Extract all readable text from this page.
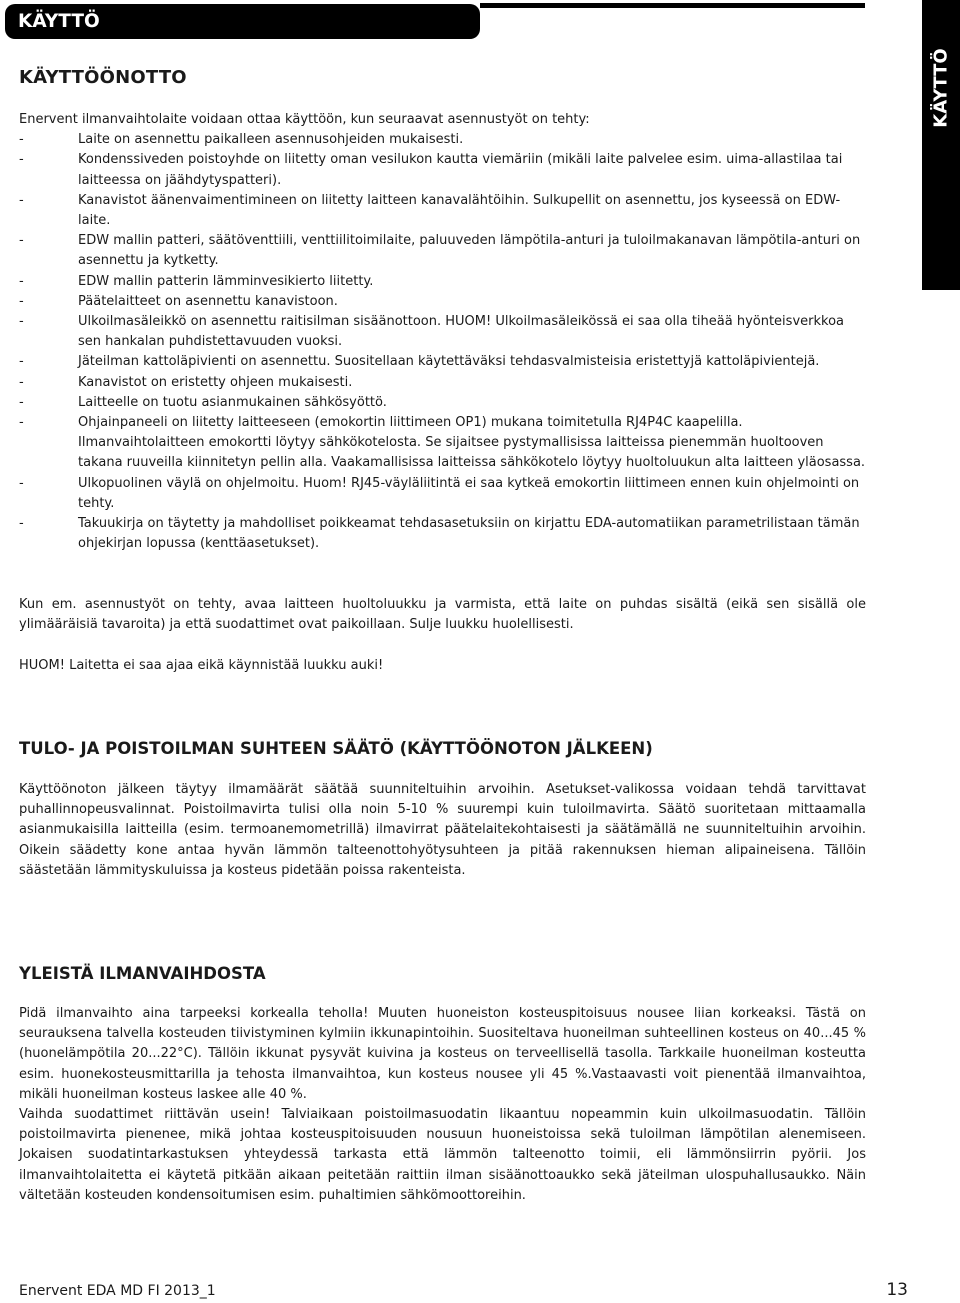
KÄYTTÖ
KÄYTTÖ
KÄYTTÖÖNOTTO

Enervent ilmanvaihtolaite voidaan ottaa käyttöön, kun seuraavat asennustyöt on tehty:

-	Laite on asennettu paikalleen asennusohjeiden mukaisesti.
-	Kondenssiveden poistoyhde on liitetty oman vesilukon kautta viemäriin (mikäli laite palvelee esim. uima-allastilaa tai laitteessa on jäähdytyspatteri).
-	Kanavistot äänenvaimentimineen on liitetty laitteen kanavalähtöihin. Sulkupellit on asennettu, jos kyseessä on EDW-laite.
-	EDW mallin patteri, säätöventtiili, venttiilitoimilaite, paluuveden lämpötila-anturi ja tuloilmakanavan lämpötila-anturi on asennettu ja kytketty.
-	EDW mallin patterin lämminvesikierto liitetty.
-	Päätelaitteet on asennettu kanavistoon.
-	Ulkoilmasäleikkö on asennettu raitisilman sisäänottoon. HUOM! Ulkoilmasäleikössä ei saa olla tiheää hyönteisverkkoa sen hankalan puhdistettavuuden vuoksi.
-	Jäteilman kattoläpivienti on asennettu. Suositellaan käytettäväksi tehdasvalmisteisia eristettyjä kattoläpivientejä.
-	Kanavistot on eristetty ohjeen mukaisesti.
-	Laitteelle on tuotu asianmukainen sähkösyöttö.
-	Ohjainpaneeli on liitetty laitteeseen (emokortin liittimeen OP1) mukana toimitetulla RJ4P4C kaapelilla. Ilmanvaihtolaitteen emokortti löytyy sähkökotelosta. Se sijaitsee pystymallisissa laitteissa pienemmän huoltooven takana ruuveilla kiinnitetyn pellin alla. Vaakamallisissa laitteissa sähkökotelo löytyy huoltoluukun alta laitteen yläosassa.
-	Ulkopuolinen väylä on ohjelmoitu. Huom! RJ45-väyläliitintä ei saa kytkeä emokortin liittimeen ennen kuin ohjelmointi on tehty.
-	Takuukirja on täytetty ja mahdolliset poikkeamat tehdasasetuksiin on kirjattu EDA-automatiikan parametrilistaan tämän ohjekirjan lopussa (kenttäasetukset).

Kun em. asennustyöt on tehty, avaa laitteen huoltoluukku ja varmista, että laite on puhdas sisältä (eikä sen sisällä ole ylimääräisiä tavaroita) ja että suodattimet ovat paikoillaan. Sulje luukku huolellisesti.

HUOM! Laitetta ei saa ajaa eikä käynnistää luukku auki!

TULO- JA POISTOILMAN SUHTEEN SÄÄTÖ (KÄYTTÖÖNOTON JÄLKEEN)

Käyttöönoton jälkeen täytyy ilmamäärät säätää suunniteltuihin arvoihin. Asetukset-valikossa voidaan tehdä tarvittavat puhallinnopeusvalinnat. Poistoilmavirta tulisi olla noin 5-10 % suurempi kuin tuloilmavirta. Säätö suoritetaan mittaamalla asianmukaisilla laitteilla (esim. termoanemometrillä) ilmavirrat päätelaitekohtaisesti ja säätämällä ne suunniteltuihin arvoihin. Oikein säädetty kone antaa hyvän lämmön talteenottohyötysuhteen ja pitää rakennuksen hieman alipaineisena. Tällöin säästetään lämmityskuluissa ja kosteus pidetään poissa rakenteista.

YLEISTÄ ILMANVAIHDOSTA

Pidä ilmanvaihto aina tarpeeksi korkealla teholla! Muuten huoneiston kosteuspitoisuus nousee liian korkeaksi. Tästä on seurauksena talvella kosteuden tiivistyminen kylmiin ikkunapintoihin. Suositeltava huoneilman suhteellinen kosteus on 40...45 % (huonelämpötila 20...22°C). Tällöin ikkunat pysyvät kuivina ja kosteus on terveellisellä tasolla. Tarkkaile huoneilman kosteutta esim. huonekosteusmittarilla ja tehosta ilmanvaihtoa, kun kosteus nousee yli 45 %.Vastaavasti voit pienentää ilmanvaihtoa, mikäli huoneilman kosteus laskee alle 40 %.

Vaihda suodattimet riittävän usein! Talviaikaan poistoilmasuodatin likaantuu nopeammin kuin ulkoilmasuodatin. Tällöin poistoilmavirta pienenee, mikä johtaa kosteuspitoisuuden nousuun huoneistoissa sekä tuloilman lämpötilan alenemiseen. Jokaisen suodatintarkastuksen yhteydessä tarkasta että lämmön talteenotto toimii, eli lämmönsiirrin pyörii. Jos ilmanvaihtolaitetta ei käytetä pitkään aikaan peitetään raittiin ilman sisäänottoaukko sekä jäteilman ulospuhallusaukko. Näin vältetään kosteuden kondensoitumisen esim. puhaltimien sähkömoottoreihin.

Enervent EDA MD FI 2013_1	13
